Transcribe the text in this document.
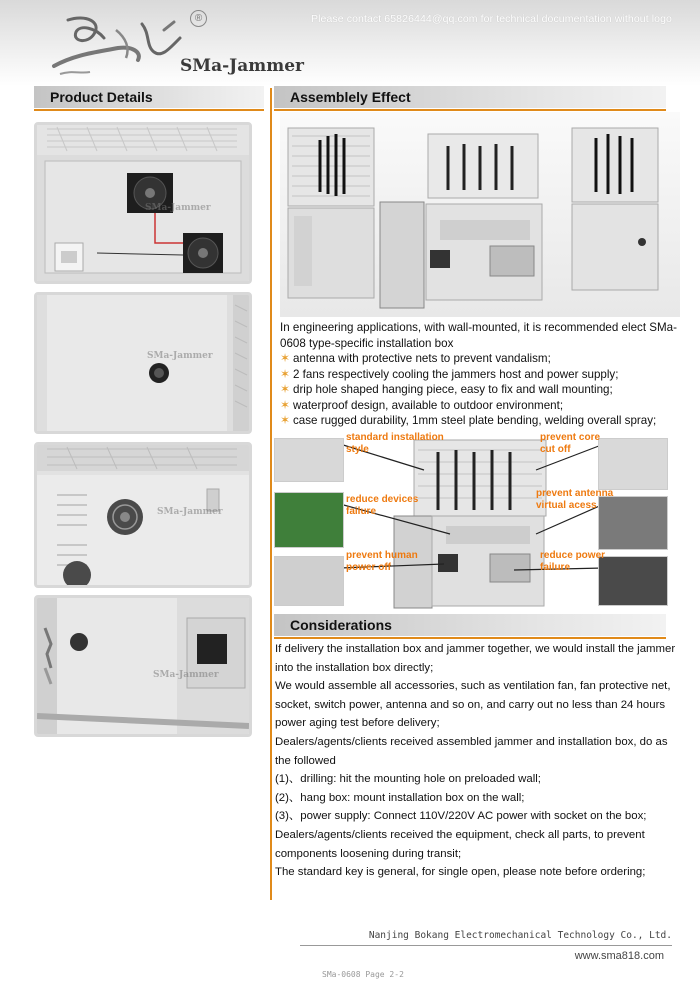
®
SMa-Jammer
Please contact 65826444@qq.com for technical documentation without logo
Product Details	Assemblely Effect
SMa-Jammer
SMa-Jammer
SMa-Jammer
SMa-Jammer
In engineering applications, with wall-mounted, it is recommended elect SMa-0608 type-specific installation box
✶ antenna with protective nets to prevent vandalism;
✶ 2 fans respectively cooling the jammers host and power supply;
✶ drip hole shaped hanging piece, easy to fix and wall mounting;
✶ waterproof design, available to outdoor environment;
✶ case rugged durability, 1mm steel plate bending, welding overall spray;
standard installation
style
reduce devices
failure
prevent human
power off
prevent core
cut off
prevent antenna
virtual acess
reduce power
failure
Considerations
If delivery the installation box and jammer together, we would install the jammer into the installation box directly;
We would assemble all accessories, such as ventilation fan, fan protective net, socket, switch power, antenna and so on, and carry out no less than 24 hours power aging test before delivery;
Dealers/agents/clients received assembled jammer and installation box, do as the followed
(1)、drilling: hit the mounting hole on preloaded wall;
(2)、hang box: mount installation box on the wall;
(3)、power supply: Connect 110V/220V AC power with socket on the box;
Dealers/agents/clients received the equipment, check all parts, to prevent components loosening during transit;
The standard key is general, for single open, please note before ordering;
Nanjing Bokang Electromechanical Technology Co., Ltd.
www.sma818.com
SMa-0608 Page 2-2
